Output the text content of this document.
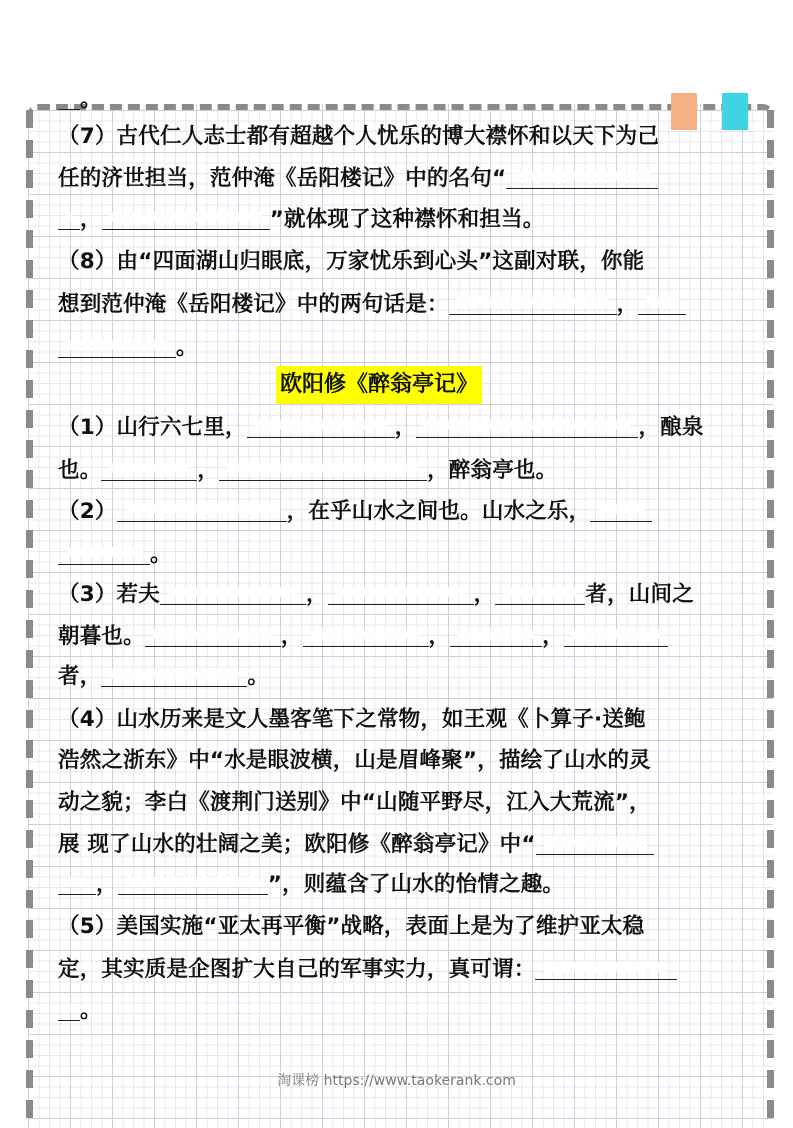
。
（7）古代仁人志士都有超越个人忧乐的博大襟怀和以天下为己
任的济世担当，范仲淹《岳阳楼记》中的名句“
，	”就体现了这种襟怀和担当。
（8）由“四面湖山归眼底，万家忧乐到心头”这副对联，你能
想到范仲淹《岳阳楼记》中的两句话是：	，
。
欧阳修《醉翁亭记》
（1）山行六七里，	，	，酿泉
也。	，	，醉翁亭也。
（2）	，在乎山水之间也。山水之乐，
。
（3）若夫	，	，	者，山间之
朝暮也。	，	，	，
者，	。
（4）山水历来是文人墨客笔下之常物，如王观《卜算子·送鲍
浩然之浙东》中“水是眼波横，山是眉峰聚”，描绘了山水的灵
动之貌；李白《渡荆门送别》中“山随平野尽，江入大荒流”，
展 现了山水的壮阔之美；欧阳修《醉翁亭记》中“
，	”，则蕴含了山水的怡情之趣。
（5）美国实施“亚太再平衡”战略，表面上是为了维护亚太稳
定，其实质是企图扩大自己的军事实力，真可谓：
。
淘课榜 https://www.taokerank.com
